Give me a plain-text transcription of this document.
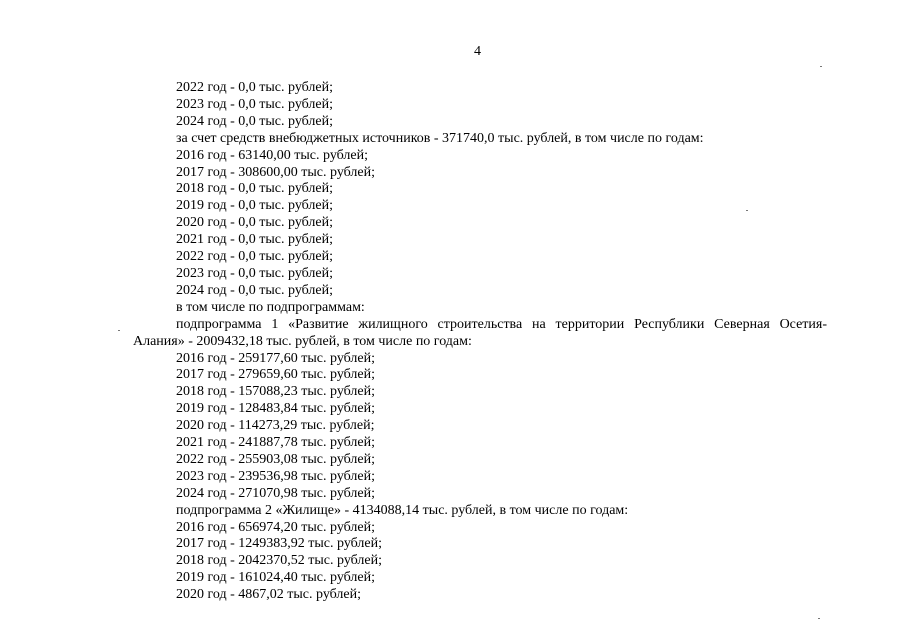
4
2022 год - 0,0 тыс. рублей;
2023 год - 0,0 тыс. рублей;
2024 год - 0,0 тыс. рублей;
за счет средств внебюджетных источников - 371740,0 тыс. рублей, в том числе по годам:
2016 год - 63140,00 тыс. рублей;
2017 год - 308600,00 тыс. рублей;
2018 год - 0,0 тыс. рублей;
2019 год - 0,0 тыс. рублей;
2020 год - 0,0 тыс. рублей;
2021 год - 0,0 тыс. рублей;
2022 год - 0,0 тыс. рублей;
2023 год - 0,0 тыс. рублей;
2024 год - 0,0 тыс. рублей;
в том числе по подпрограммам:
подпрограмма 1 «Развитие жилищного строительства на территории Республики Северная Осетия-
Алания» - 2009432,18 тыс. рублей, в том числе по годам:
2016 год - 259177,60 тыс. рублей;
2017 год - 279659,60 тыс. рублей;
2018 год - 157088,23 тыс. рублей;
2019 год - 128483,84 тыс. рублей;
2020 год - 114273,29 тыс. рублей;
2021 год - 241887,78 тыс. рублей;
2022 год - 255903,08 тыс. рублей;
2023 год - 239536,98 тыс. рублей;
2024 год - 271070,98 тыс. рублей;
подпрограмма 2 «Жилище» - 4134088,14 тыс. рублей, в том числе по годам:
2016 год - 656974,20 тыс. рублей;
2017 год - 1249383,92 тыс. рублей;
2018 год - 2042370,52 тыс. рублей;
2019 год - 161024,40 тыс. рублей;
2020 год - 4867,02 тыс. рублей;
